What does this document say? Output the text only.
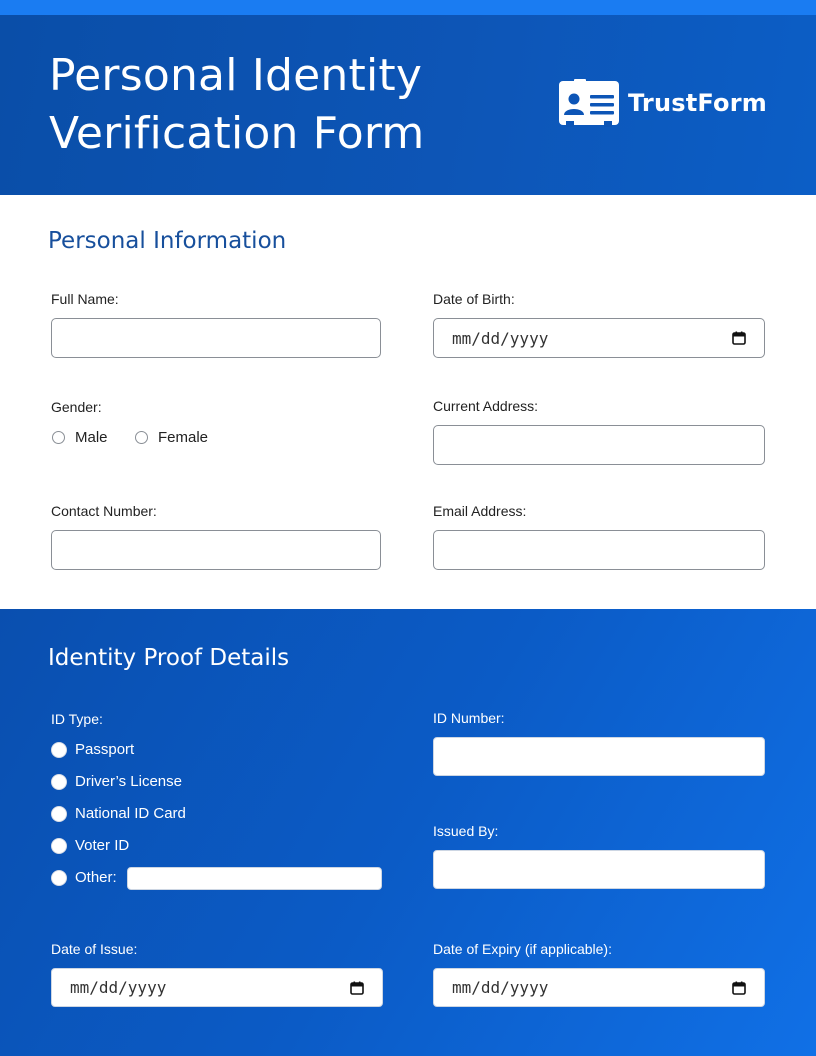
Personal Identity Verification Form
TrustForm
Personal Information
Full Name:	Date of Birth:
mm/dd/yyyy
Gender:
Male	Female
Current Address:
Contact Number:	Email Address:
Identity Proof Details
ID Type:
Passport
Driver’s License
National ID Card
Voter ID
Other:
ID Number:
Issued By:
Date of Issue:
mm/dd/yyyy
Date of Expiry (if applicable):
mm/dd/yyyy
